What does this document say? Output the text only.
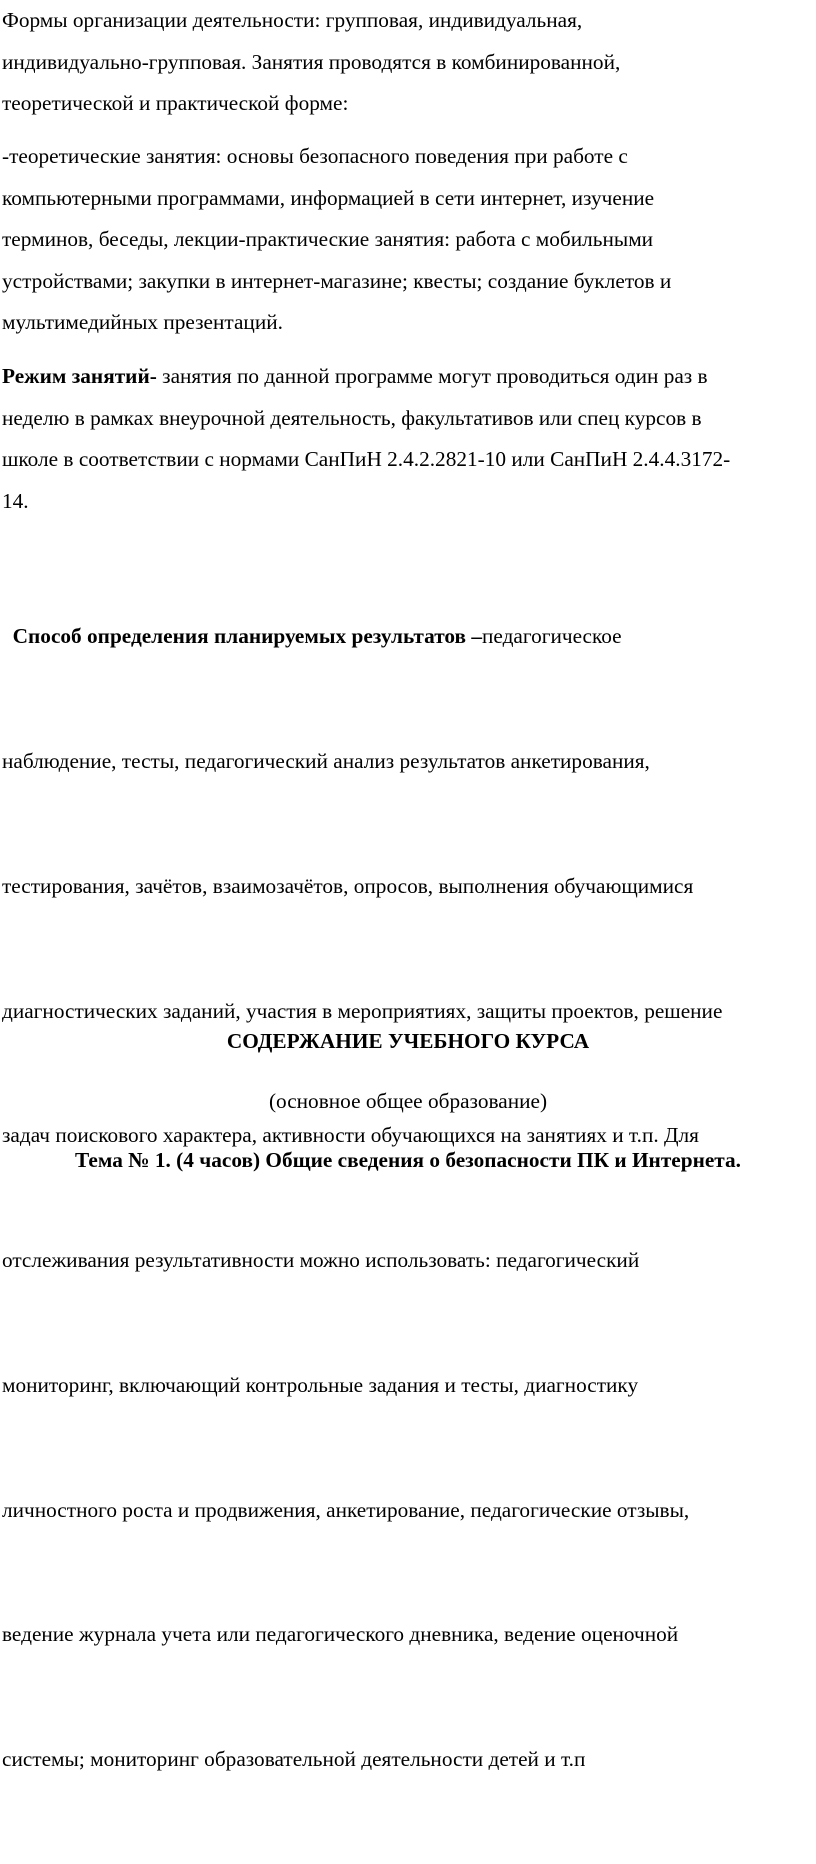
Формы организации деятельности: групповая, индивидуальная,
индивидуально-групповая. Занятия проводятся в комбинированной,
теоретической и практической форме:
-теоретические занятия: основы безопасного поведения при работе с
компьютерными программами, информацией в сети интернет, изучение
терминов, беседы, лекции-практические занятия: работа с мобильными
устройствами; закупки в интернет-магазине; квесты; создание буклетов и
мультимедийных презентаций.
Режим занятий- занятия по данной программе могут проводиться один раз в
неделю в рамках внеурочной деятельность, факультативов или спец курсов в
школе в соответствии с нормами СанПиН 2.4.2.2821-10 или СанПиН 2.4.4.3172-
14.

Способ определения планируемых результатов –педагогическое

наблюдение, тесты, педагогический анализ результатов анкетирования,

тестирования, зачётов, взаимозачётов, опросов, выполнения обучающимися

диагностических заданий, участия в мероприятиях, защиты проектов, решение

задач поискового характера, активности обучающихся на занятиях и т.п. Для

отслеживания результативности можно использовать: педагогический

мониторинг, включающий контрольные задания и тесты, диагностику

личностного роста и продвижения, анкетирование, педагогические отзывы,

ведение журнала учета или педагогического дневника, ведение оценочной

системы; мониторинг образовательной деятельности детей и т.п

СОДЕРЖАНИЕ УЧЕБНОГО КУРСА

(основное общее образование)

Тема № 1. (4 часов) Общие сведения о безопасности ПК и Интернета.
